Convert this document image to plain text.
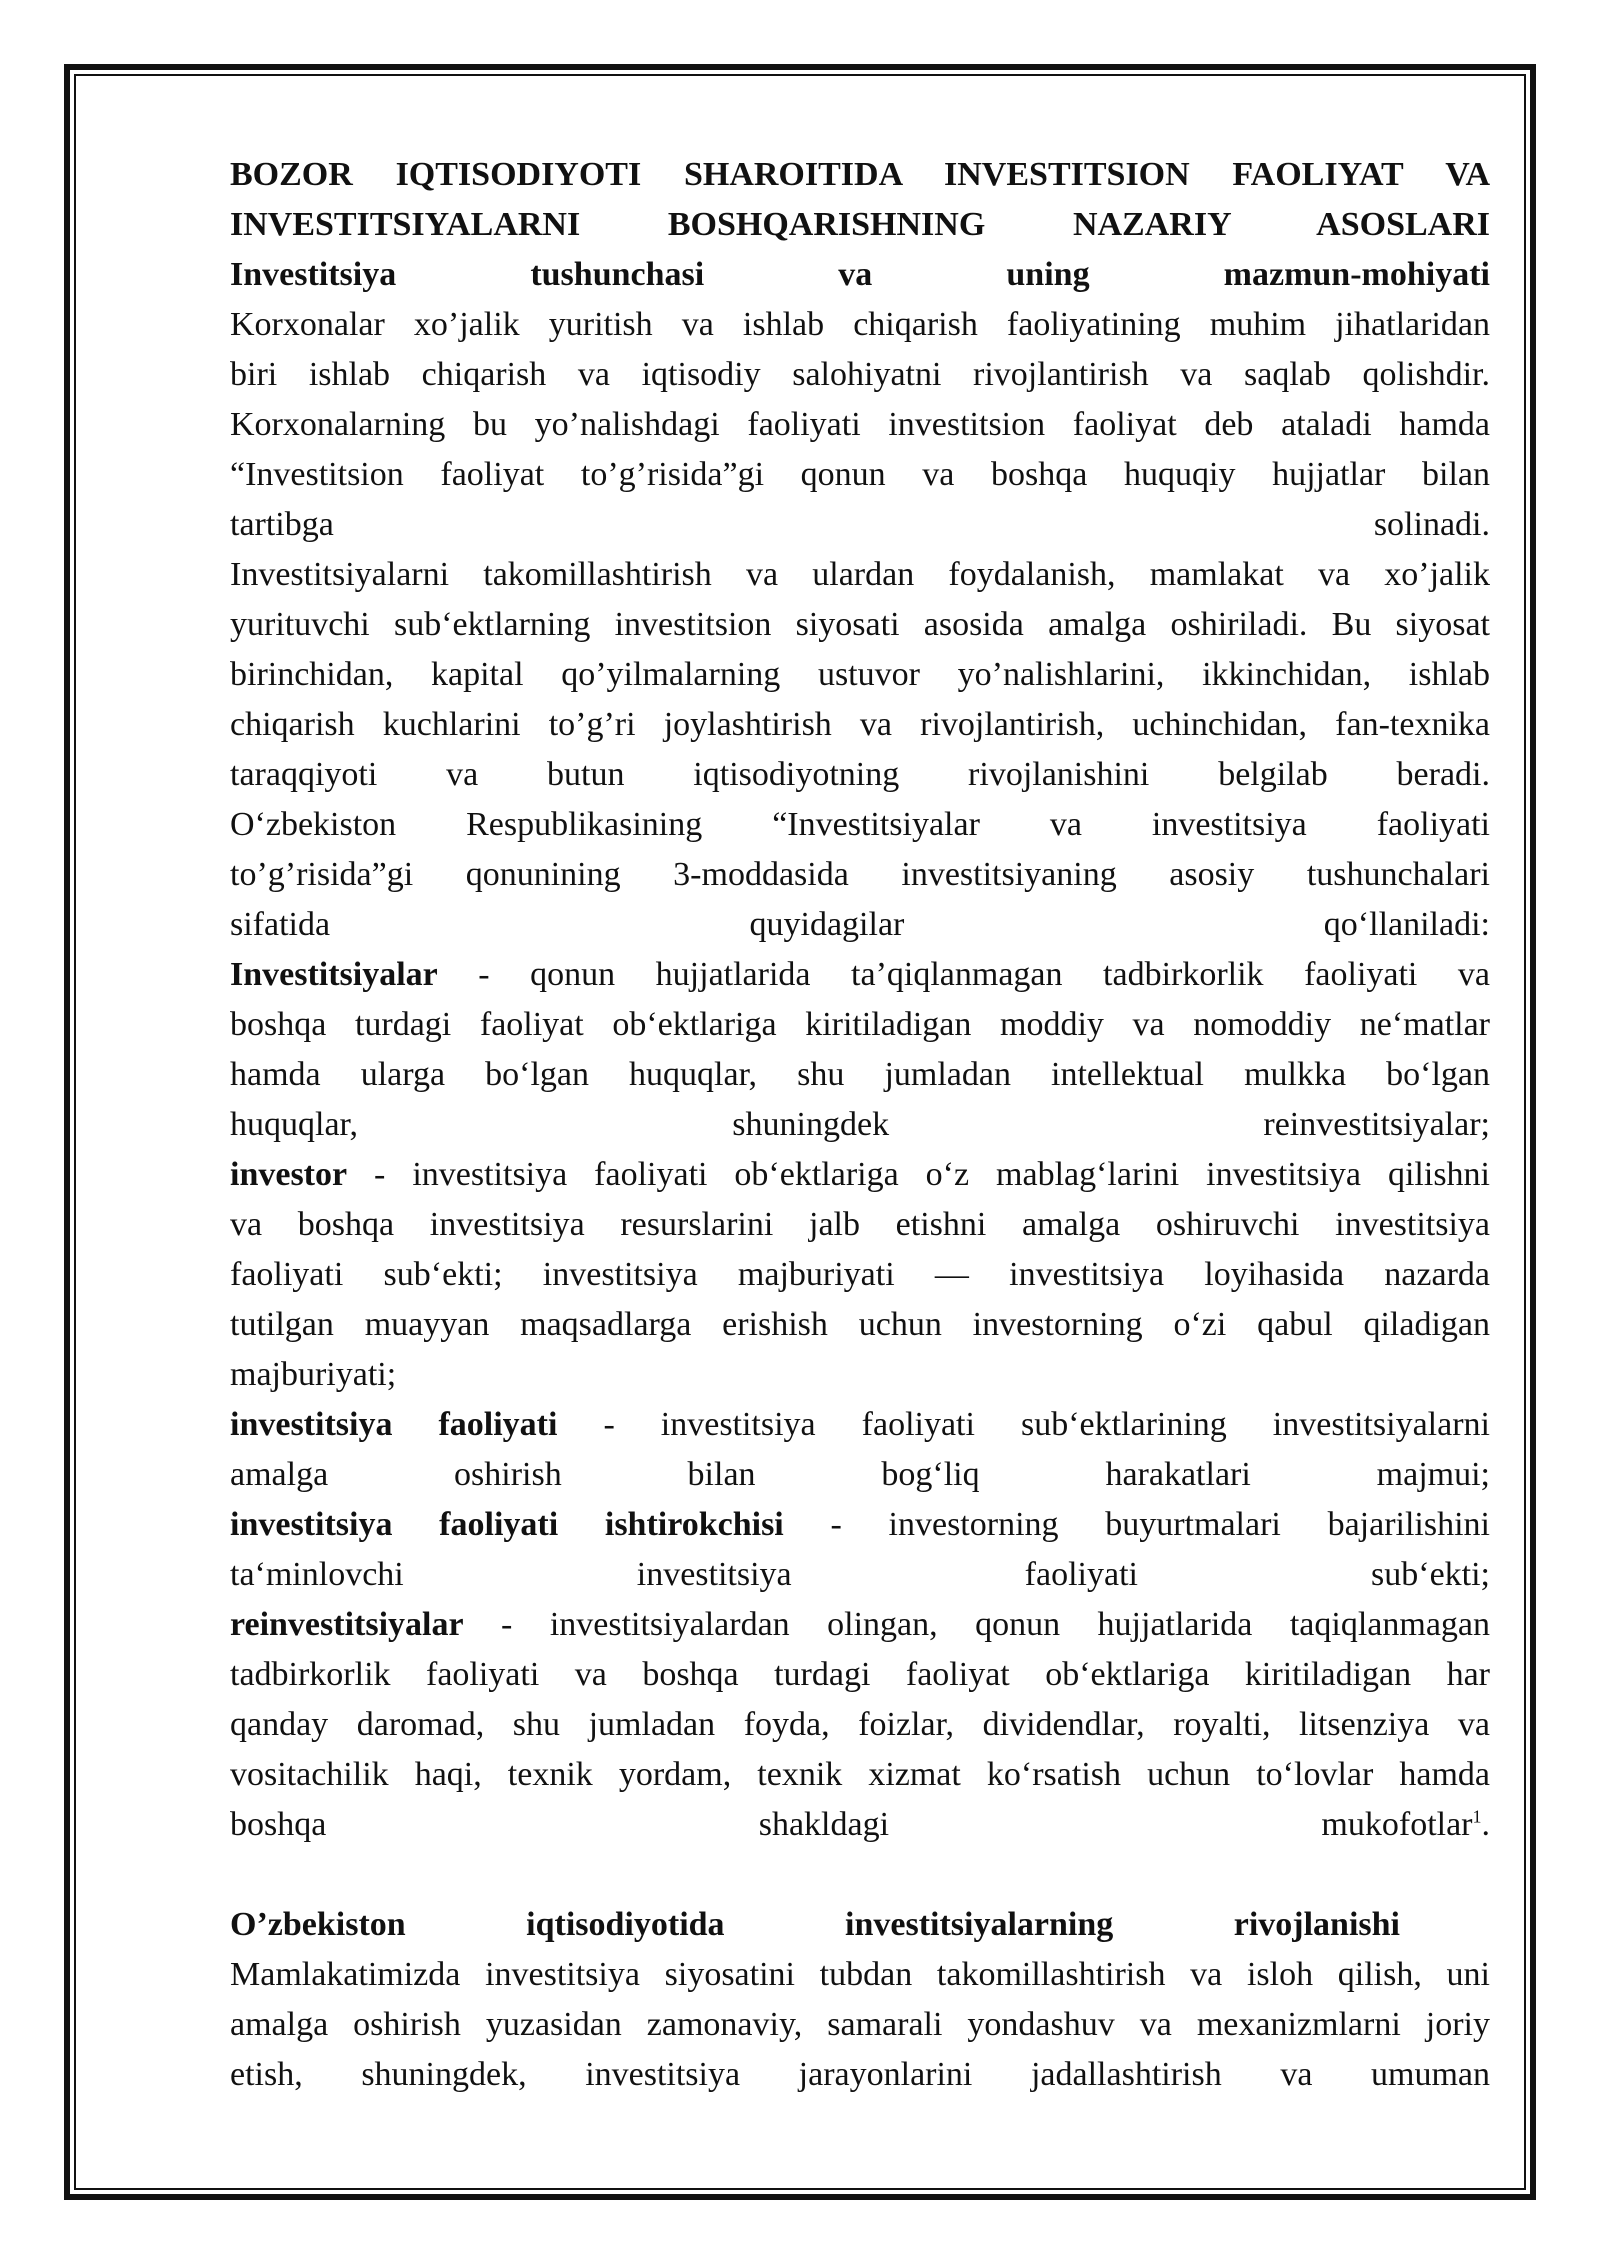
BOZOR IQTISODIYOTI SHAROITIDA INVESTITSION FAOLIYAT VA
INVESTITSIYALARNI BOSHQARISHNING NAZARIY ASOSLARI
Investitsiya tushunchasi va uning mazmun-mohiyati
Korxonalar xo’jalik yuritish va ishlab chiqarish faoliyatining muhim jihatlaridan
biri ishlab chiqarish va iqtisodiy salohiyatni rivojlantirish va saqlab qolishdir.
Korxonalarning bu yo’nalishdagi faoliyati investitsion faoliyat deb ataladi hamda
“Investitsion faoliyat to’g’risida”gi qonun va boshqa huquqiy hujjatlar bilan
tartibga solinadi.
Investitsiyalarni takomillashtirish va ulardan foydalanish, mamlakat va xo’jalik
yurituvchi sub‘ektlarning investitsion siyosati asosida amalga oshiriladi. Bu siyosat
birinchidan, kapital qo’yilmalarning ustuvor yo’nalishlarini, ikkinchidan, ishlab
chiqarish kuchlarini to’g’ri joylashtirish va rivojlantirish, uchinchidan, fan-texnika
taraqqiyoti va butun iqtisodiyotning rivojlanishini belgilab beradi.
O‘zbekiston Respublikasining “Investitsiyalar va investitsiya faoliyati
to’g’risida”gi qonunining 3-moddasida investitsiyaning asosiy tushunchalari
sifatida quyidagilar qo‘llaniladi:
Investitsiyalar - qonun hujjatlarida ta’qiqlanmagan tadbirkorlik faoliyati va
boshqa turdagi faoliyat ob‘ektlariga kiritiladigan moddiy va nomoddiy ne‘matlar
hamda ularga bo‘lgan huquqlar, shu jumladan intellektual mulkka bo‘lgan
huquqlar, shuningdek reinvestitsiyalar;
investor - investitsiya faoliyati ob‘ektlariga o‘z mablag‘larini investitsiya qilishni
va boshqa investitsiya resurslarini jalb etishni amalga oshiruvchi investitsiya
faoliyati sub‘ekti; investitsiya majburiyati — investitsiya loyihasida nazarda
tutilgan muayyan maqsadlarga erishish uchun investorning o‘zi qabul qiladigan
majburiyati;
investitsiya faoliyati - investitsiya faoliyati sub‘ektlarining investitsiyalarni
amalga oshirish bilan bog‘liq harakatlari majmui;
investitsiya faoliyati ishtirokchisi - investorning buyurtmalari bajarilishini
ta‘minlovchi investitsiya faoliyati sub‘ekti;
reinvestitsiyalar - investitsiyalardan olingan, qonun hujjatlarida taqiqlanmagan
tadbirkorlik faoliyati va boshqa turdagi faoliyat ob‘ektlariga kiritiladigan har
qanday daromad, shu jumladan foyda, foizlar, dividendlar, royalti, litsenziya va
vositachilik haqi, texnik yordam, texnik xizmat ko‘rsatish uchun to‘lovlar hamda
boshqa shakldagi mukofotlar$^1$.
O’zbekiston iqtisodiyotida investitsiyalarning rivojlanishi
Mamlakatimizda investitsiya siyosatini tubdan takomillashtirish va isloh qilish, uni
amalga oshirish yuzasidan zamonaviy, samarali yondashuv va mexanizmlarni joriy
etish, shuningdek, investitsiya jarayonlarini jadallashtirish va umuman
